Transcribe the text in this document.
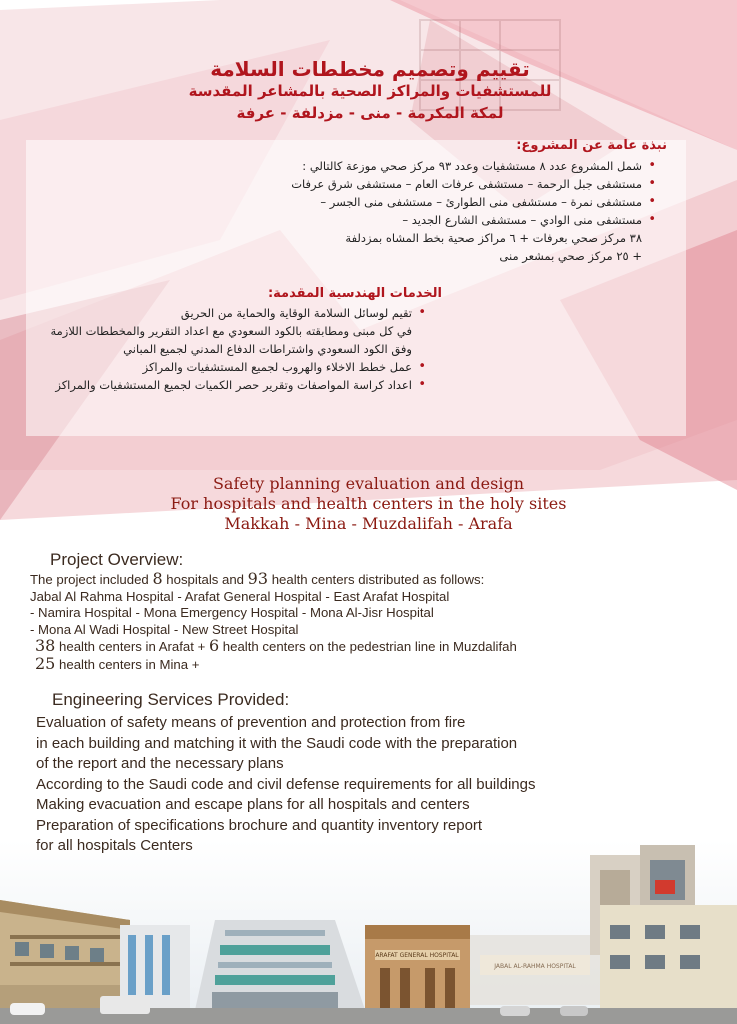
تقييم وتصميم مخططات السلامة
للمستشفيات والمراكز الصحية بالمشاعر المقدسة
لمكة المكرمة - منى - مزدلفة - عرفة
نبذة عامة عن المشروع:
• شمل المشروع عدد ٨ مستشفيات وعدد ٩٣ مركز صحي موزعة كالتالي :
• مستشفى جبل الرحمة – مستشفى عرفات العام – مستشفى شرق عرفات
• مستشفى نمرة – مستشفى منى الطوارئ – مستشفى منى الجسر –
• مستشفى منى الوادي – مستشفى الشارع الجديد –
٣٨ مركز صحي بعرفات + ٦ مراكز صحية بخط المشاه بمزدلفة
+ ٢٥ مركز صحي بمشعر منى
الخدمات الهندسية المقدمة:
• تقيم لوسائل السلامة الوقاية والحماية من الحريق
في كل مبنى ومطابقته بالكود السعودي مع اعداد التقرير والمخططات اللازمة
وفق الكود السعودي واشتراطات الدفاع المدني لجميع المباني
• عمل خطط الاخلاء والهروب لجميع المستشفيات والمراكز
• اعداد كراسة المواصفات وتقرير حصر الكميات لجميع المستشفيات والمراكز
Safety planning evaluation and design
For hospitals and health centers in the holy sites
Makkah - Mina - Muzdalifah - Arafa
Project Overview:
The project included 8 hospitals and 93 health centers distributed as follows:
Jabal Al Rahma Hospital - Arafat General Hospital - East Arafat Hospital
- Namira Hospital - Mona Emergency Hospital - Mona Al-Jisr Hospital
- Mona Al Wadi Hospital - New Street Hospital
38 health centers in Arafat + 6 health centers on the pedestrian line in Muzdalifah
25 health centers in Mina +
Engineering Services Provided:
Evaluation of safety means of prevention and protection from fire
in each building and matching it with the Saudi code with the preparation
of the report and the necessary plans
According to the Saudi code and civil defense requirements for all buildings
Making evacuation and escape plans for all hospitals and centers
Preparation of specifications brochure and quantity inventory report
for all hospitals Centers
ARAFAT GENERAL HOSPITAL
JABAL AL-RAHMA HOSPITAL
